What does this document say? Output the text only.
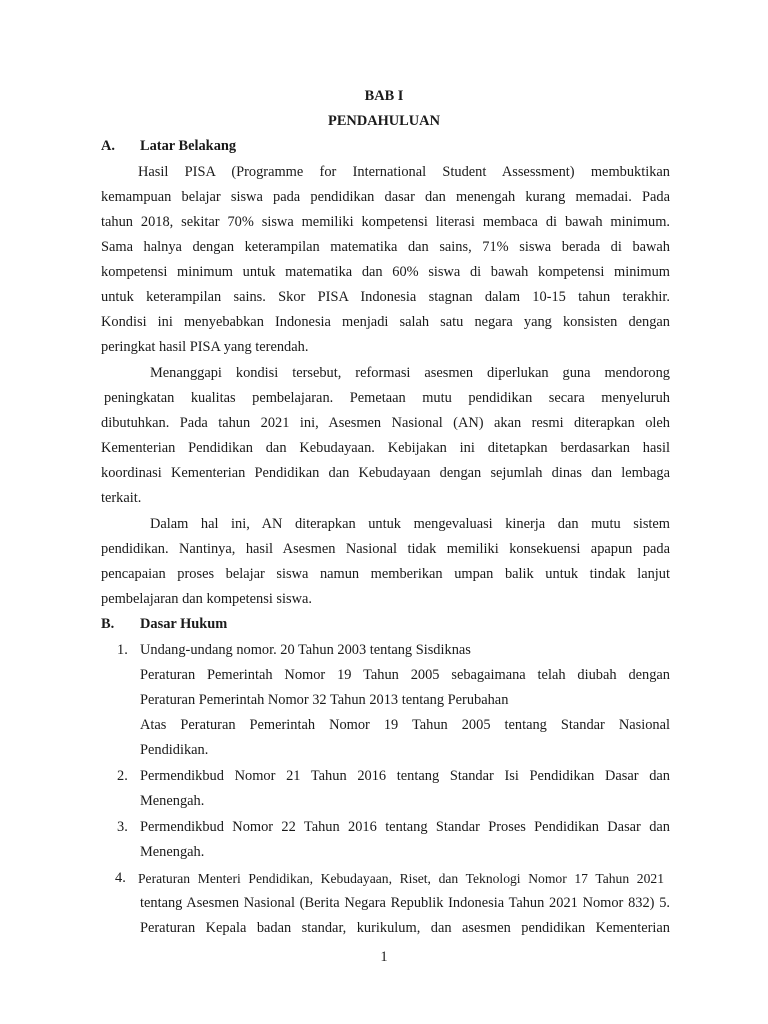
BAB I
PENDAHULUAN
A. Latar Belakang
Hasil PISA (Programme for International Student Assessment) membuktikan
kemampuan belajar siswa pada pendidikan dasar dan menengah kurang memadai. Pada
tahun 2018, sekitar 70% siswa memiliki kompetensi literasi membaca di bawah minimum.
Sama halnya dengan keterampilan matematika dan sains, 71% siswa berada di bawah
kompetensi minimum untuk matematika dan 60% siswa di bawah kompetensi minimum
untuk keterampilan sains. Skor PISA Indonesia stagnan dalam 10-15 tahun terakhir.
Kondisi ini menyebabkan Indonesia menjadi salah satu negara yang konsisten dengan
peringkat hasil PISA yang terendah.
Menanggapi kondisi tersebut, reformasi asesmen diperlukan guna mendorong
peningkatan kualitas pembelajaran. Pemetaan mutu pendidikan secara menyeluruh
dibutuhkan. Pada tahun 2021 ini, Asesmen Nasional (AN) akan resmi diterapkan oleh
Kementerian Pendidikan dan Kebudayaan. Kebijakan ini ditetapkan berdasarkan hasil
koordinasi Kementerian Pendidikan dan Kebudayaan dengan sejumlah dinas dan lembaga
terkait.
Dalam hal ini, AN diterapkan untuk mengevaluasi kinerja dan mutu sistem
pendidikan. Nantinya, hasil Asesmen Nasional tidak memiliki konsekuensi apapun pada
pencapaian proses belajar siswa namun memberikan umpan balik untuk tindak lanjut
pembelajaran dan kompetensi siswa.
B. Dasar Hukum
1. Undang-undang nomor. 20 Tahun 2003 tentang Sisdiknas
Peraturan Pemerintah Nomor 19 Tahun 2005 sebagaimana telah diubah dengan
Peraturan Pemerintah Nomor 32 Tahun 2013 tentang Perubahan
Atas Peraturan Pemerintah Nomor 19 Tahun 2005 tentang Standar Nasional
Pendidikan.
2. Permendikbud Nomor 21 Tahun 2016 tentang Standar Isi Pendidikan Dasar dan
Menengah.
3. Permendikbud Nomor 22 Tahun 2016 tentang Standar Proses Pendidikan Dasar dan
Menengah.
4. Peraturan Menteri Pendidikan, Kebudayaan, Riset, dan Teknologi Nomor 17 Tahun 2021
tentang Asesmen Nasional (Berita Negara Republik Indonesia Tahun 2021 Nomor 832) 5.
Peraturan Kepala badan standar, kurikulum, dan asesmen pendidikan Kementerian
1
